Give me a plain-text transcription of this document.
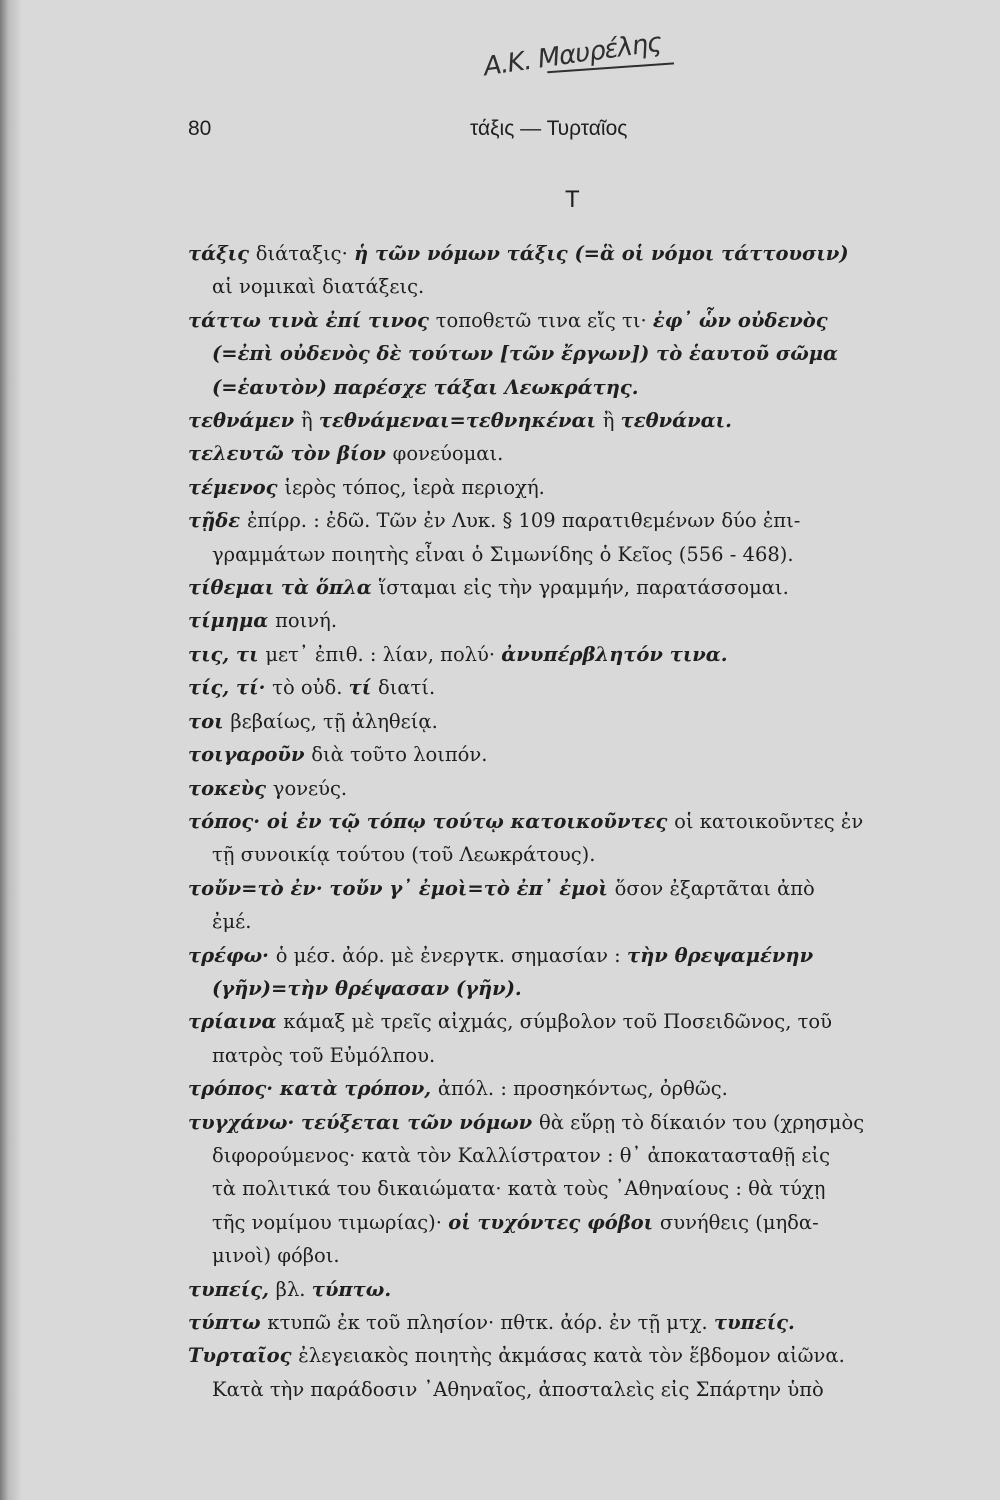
Α.Κ. Μαυρέλης
80	τάξις — Τυρταῖος
Τ

τάξις διάταξις· ἡ τῶν νόμων τάξις (=ἃ οἱ νόμοι τάττουσιν)
αἱ νομικαὶ διατάξεις.

τάττω τινὰ ἐπί τινος τοποθετῶ τινα εἴς τι· ἐφ᾽ ὧν οὐδενὸς
(=ἐπὶ οὐδενὸς δὲ τούτων [τῶν ἔργων]) τὸ ἑαυτοῦ σῶμα
(=ἑαυτὸν) παρέσχε τάξαι Λεωκράτης.

τεθνάμεν ἢ τεθνάμεναι=τεθνηκέναι ἢ τεθνάναι.

τελευτῶ τὸν βίον φονεύομαι.

τέμενος ἱερὸς τόπος, ἱερὰ περιοχή.

τῇδε ἐπίρρ. : ἐδῶ. Τῶν ἐν Λυκ. § 109 παρατιθεμένων δύο ἐπι-
γραμμάτων ποιητὴς εἶναι ὁ Σιμωνίδης ὁ Κεῖος (556 - 468).

τίθεμαι τὰ ὅπλα ἵσταμαι εἰς τὴν γραμμήν, παρατάσσομαι.

τίμημα ποινή.

τις, τι μετ᾽ ἐπιθ. : λίαν, πολύ· ἀνυπέρβλητόν τινα.

τίς, τί· τὸ οὐδ. τί διατί.

τοι βεβαίως, τῇ ἀληθείᾳ.

τοιγαροῦν διὰ τοῦτο λοιπόν.

τοκεὺς γονεύς.

τόπος· οἱ ἐν τῷ τόπῳ τούτῳ κατοικοῦντες οἱ κατοικοῦντες ἐν
τῇ συνοικίᾳ τούτου (τοῦ Λεωκράτους).

τοὔν=τὸ ἐν· τοὔν γ᾽ ἐμοὶ=τὸ ἐπ᾽ ἐμοὶ ὅσον ἐξαρτᾶται ἀπὸ
ἐμέ.

τρέφω· ὁ μέσ. ἀόρ. μὲ ἐνεργτκ. σημασίαν : τὴν θρεψαμένην
(γῆν)=τὴν θρέψασαν (γῆν).

τρίαινα κάμαξ μὲ τρεῖς αἰχμάς, σύμβολον τοῦ Ποσειδῶνος, τοῦ
πατρὸς τοῦ Εὐμόλπου.

τρόπος· κατὰ τρόπον, ἀπόλ. : προσηκόντως, ὀρθῶς.

τυγχάνω· τεύξεται τῶν νόμων θὰ εὕρῃ τὸ δίκαιόν του (χρησμὸς
διφορούμενος· κατὰ τὸν Καλλίστρατον : θ᾽ ἀποκατασταθῇ εἰς
τὰ πολιτικά του δικαιώματα· κατὰ τοὺς ᾽Αθηναίους : θὰ τύχῃ
τῆς νομίμου τιμωρίας)· οἱ τυχόντες φόβοι συνήθεις (μηδα-
μινοὶ) φόβοι.

τυπείς, βλ. τύπτω.

τύπτω κτυπῶ ἐκ τοῦ πλησίον· πθτκ. ἀόρ. ἐν τῇ μτχ. τυπείς.

Τυρταῖος ἐλεγειακὸς ποιητὴς ἀκμάσας κατὰ τὸν ἕβδομον αἰῶνα.

Κατὰ τὴν παράδοσιν ᾽Αθηναῖος, ἀποσταλεὶς εἰς Σπάρτην ὑπὸ
